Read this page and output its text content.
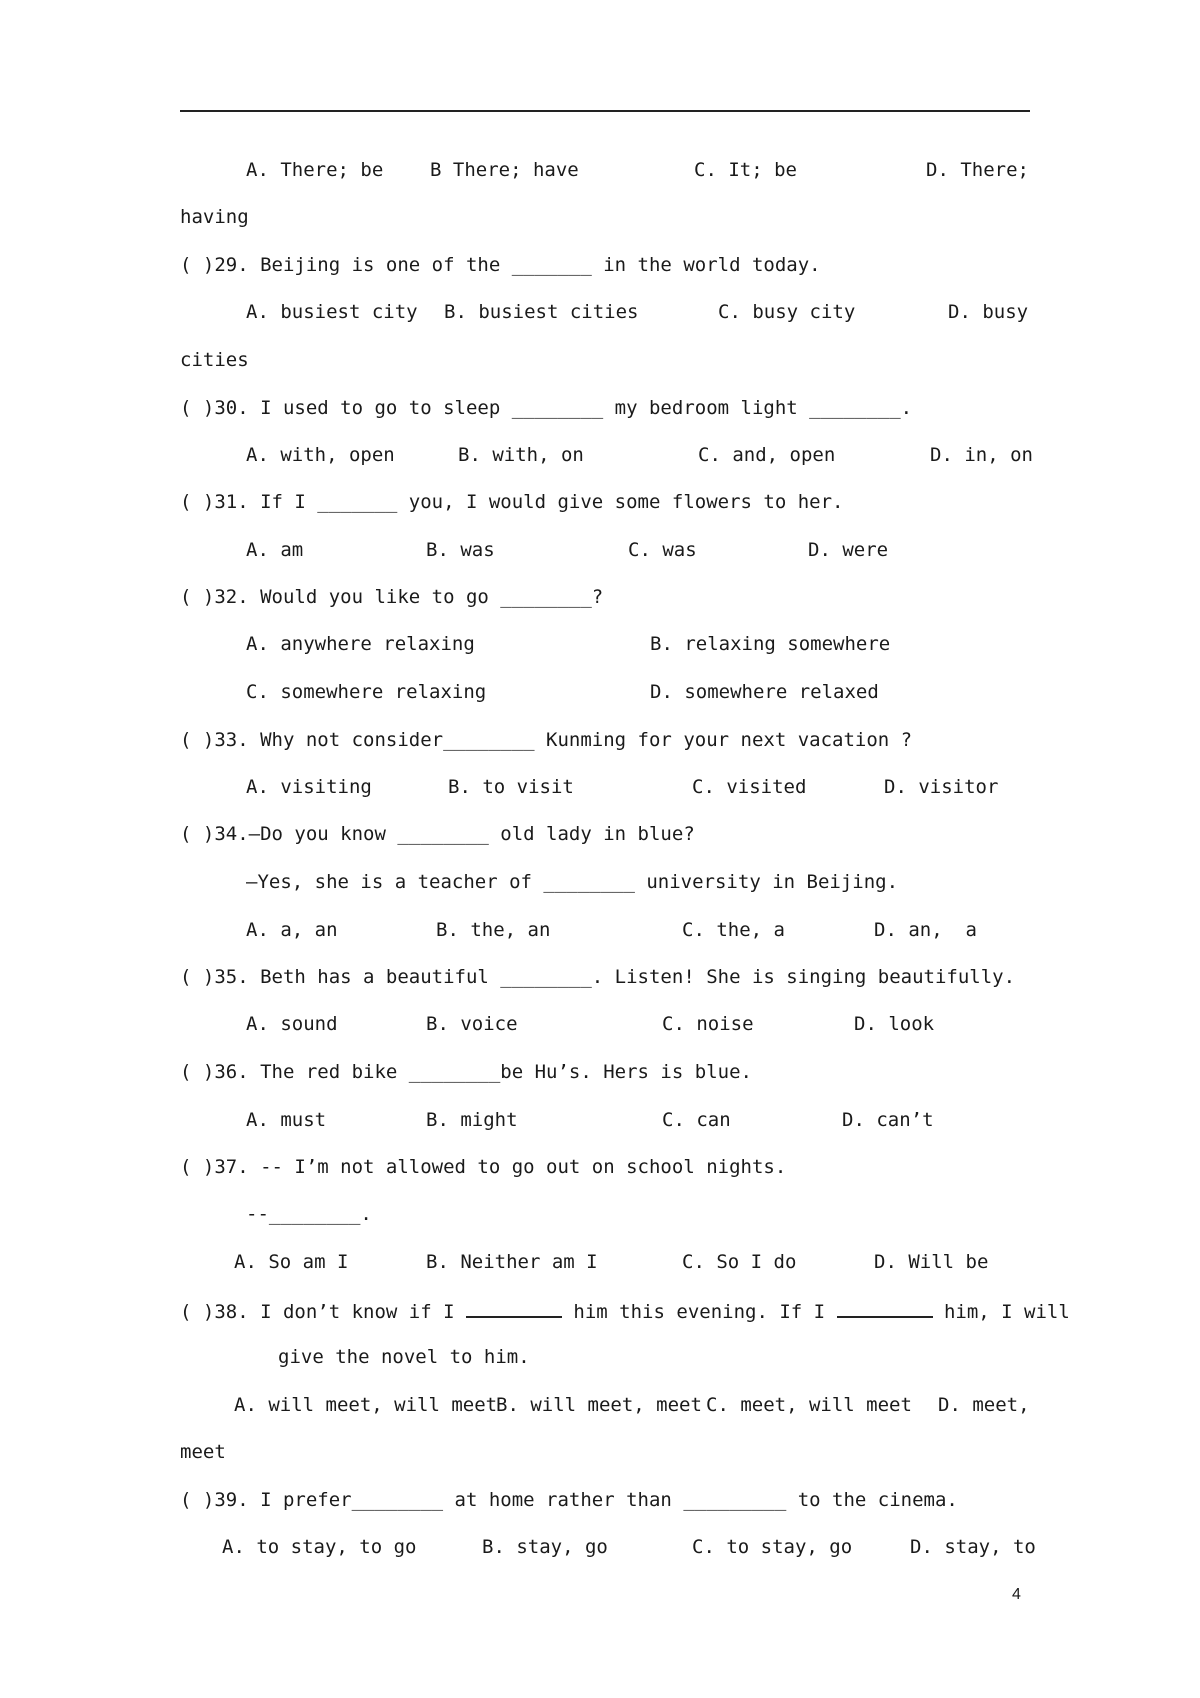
A. There; be B There; have	C. It; be	D. There;
having
( )29. Beijing is one of the _______ in the world today.
A. busiest city B. busiest cities	C. busy city	D. busy
cities
( )30. I used to go to sleep ________ my bedroom light ________.
A. with, open	B. with, on	C. and, open	D. in, on
( )31. If I _______ you, I would give some flowers to her.
A. am	B. was	C. was	D. were
( )32. Would you like to go ________?
A. anywhere relaxing	B. relaxing somewhere
C. somewhere relaxing	D. somewhere relaxed
( )33. Why not consider________ Kunming for your next vacation ?
A. visiting	B. to visit	C. visited	D. visitor
( )34.—Do you know ________ old lady in blue?
—Yes, she is a teacher of ________ university in Beijing.
A. a, an	B. the, an	C. the, a	D. an,  a
( )35. Beth has a beautiful ________. Listen! She is singing beautifully.
A. sound	B. voice	C. noise	D. look
( )36. The red bike ________be Hu’s. Hers is blue.
A. must	B. might	C. can	D. can’t
( )37. -- I’m not allowed to go out on school nights.
--________.
A. So am I	B. Neither am I	C. So I do	D. Will be
( )38. I don’t know if I	him this evening. If I	him, I will
give the novel to him.
A. will meet, will meet
B. will meet, meet C. meet, will meet D. meet,
meet
( )39. I prefer________ at home rather than _________ to the cinema.
A. to stay, to go	B. stay, go	C. to stay, go	D. stay, to
4
